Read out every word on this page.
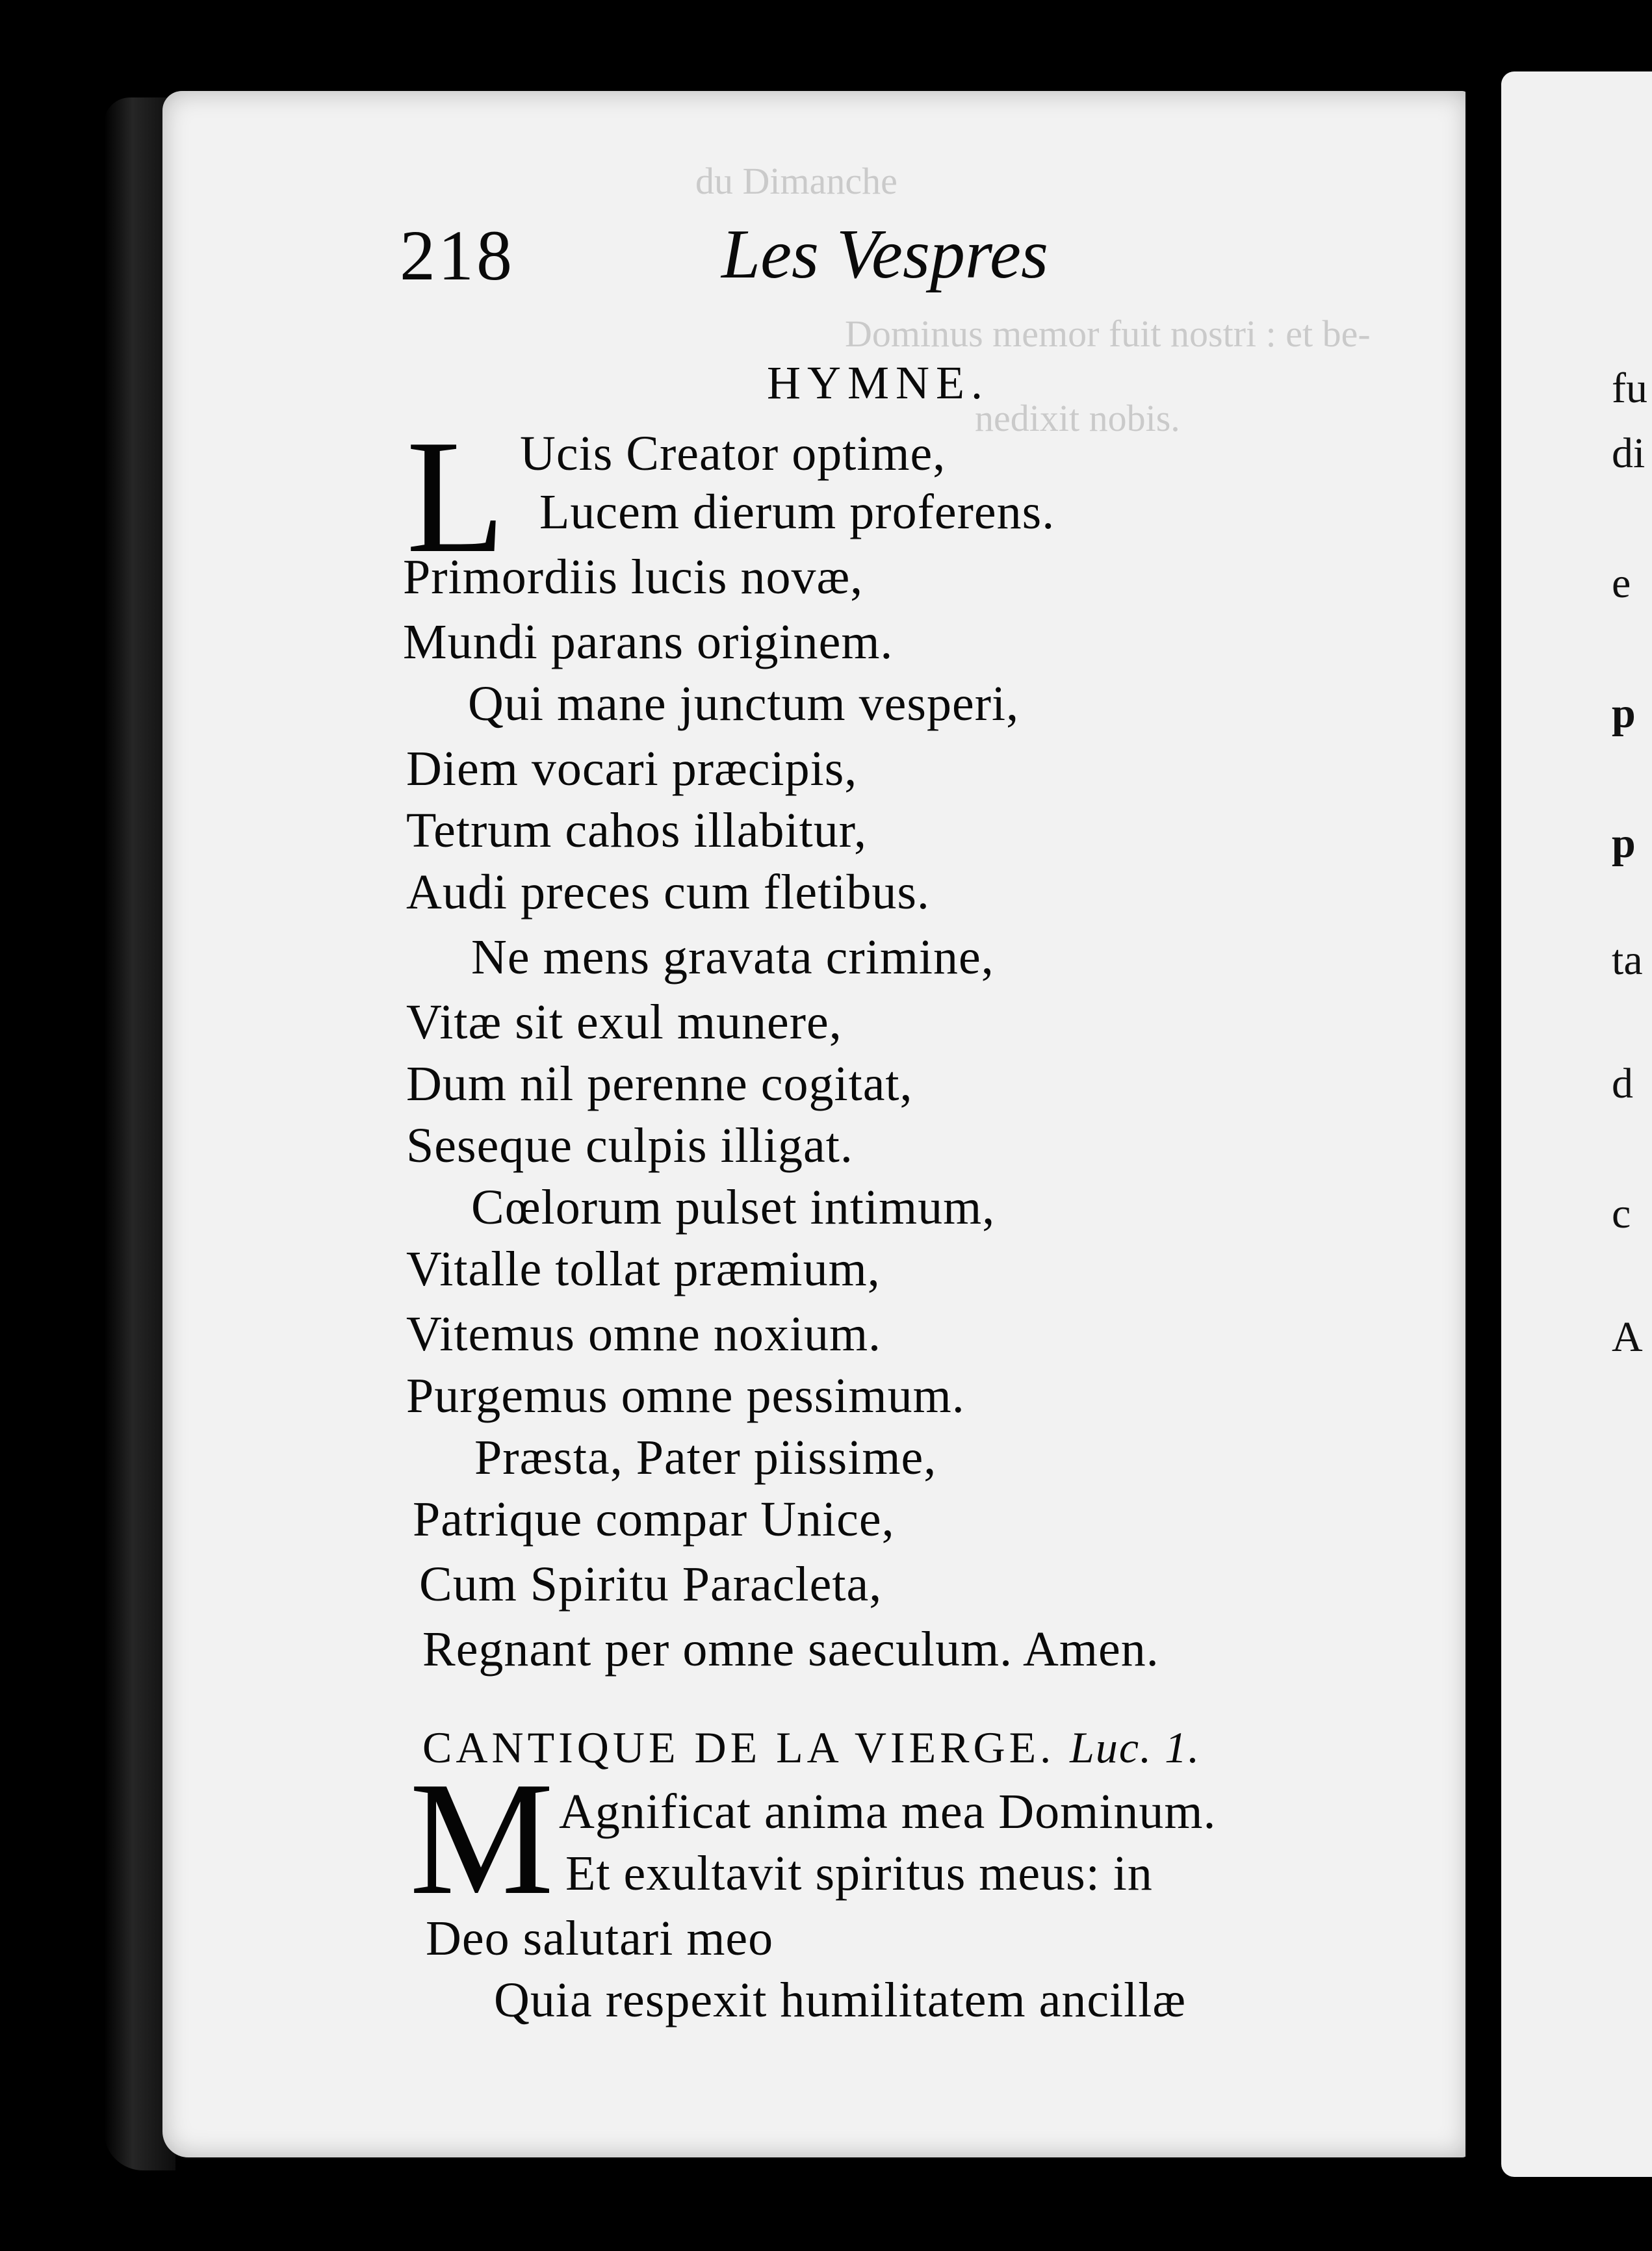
du Dimanche
Dominus memor fuit nostri : et be-
nedixit nobis.
218	Les Vespres
HYMNE.
L Ucis Creator optime,
Lucem dierum proferens.
Primordiis lucis novæ,
Mundi parans originem.
Qui mane junctum vesperi,
Diem vocari præcipis,
Tetrum cahos illabitur,
Audi preces cum fletibus.
Ne mens gravata crimine,
Vitæ sit exul munere,
Dum nil perenne cogitat,
Seseque culpis illigat.
Cœlorum pulset intimum,
Vitalle tollat præmium,
Vitemus omne noxium.
Purgemus omne pessimum.
Præsta, Pater piissime,
Patrique compar Unice,
Cum Spiritu Paracleta,
Regnant per omne saeculum. Amen.
CANTIQUE DE LA VIERGE. Luc. 1.
M Agnificat anima mea Dominum.
Et exultavit spiritus meus: in
Deo salutari meo
Quia respexit humilitatem ancillæ
fu
di
e
p
p
ta
d
c
A
